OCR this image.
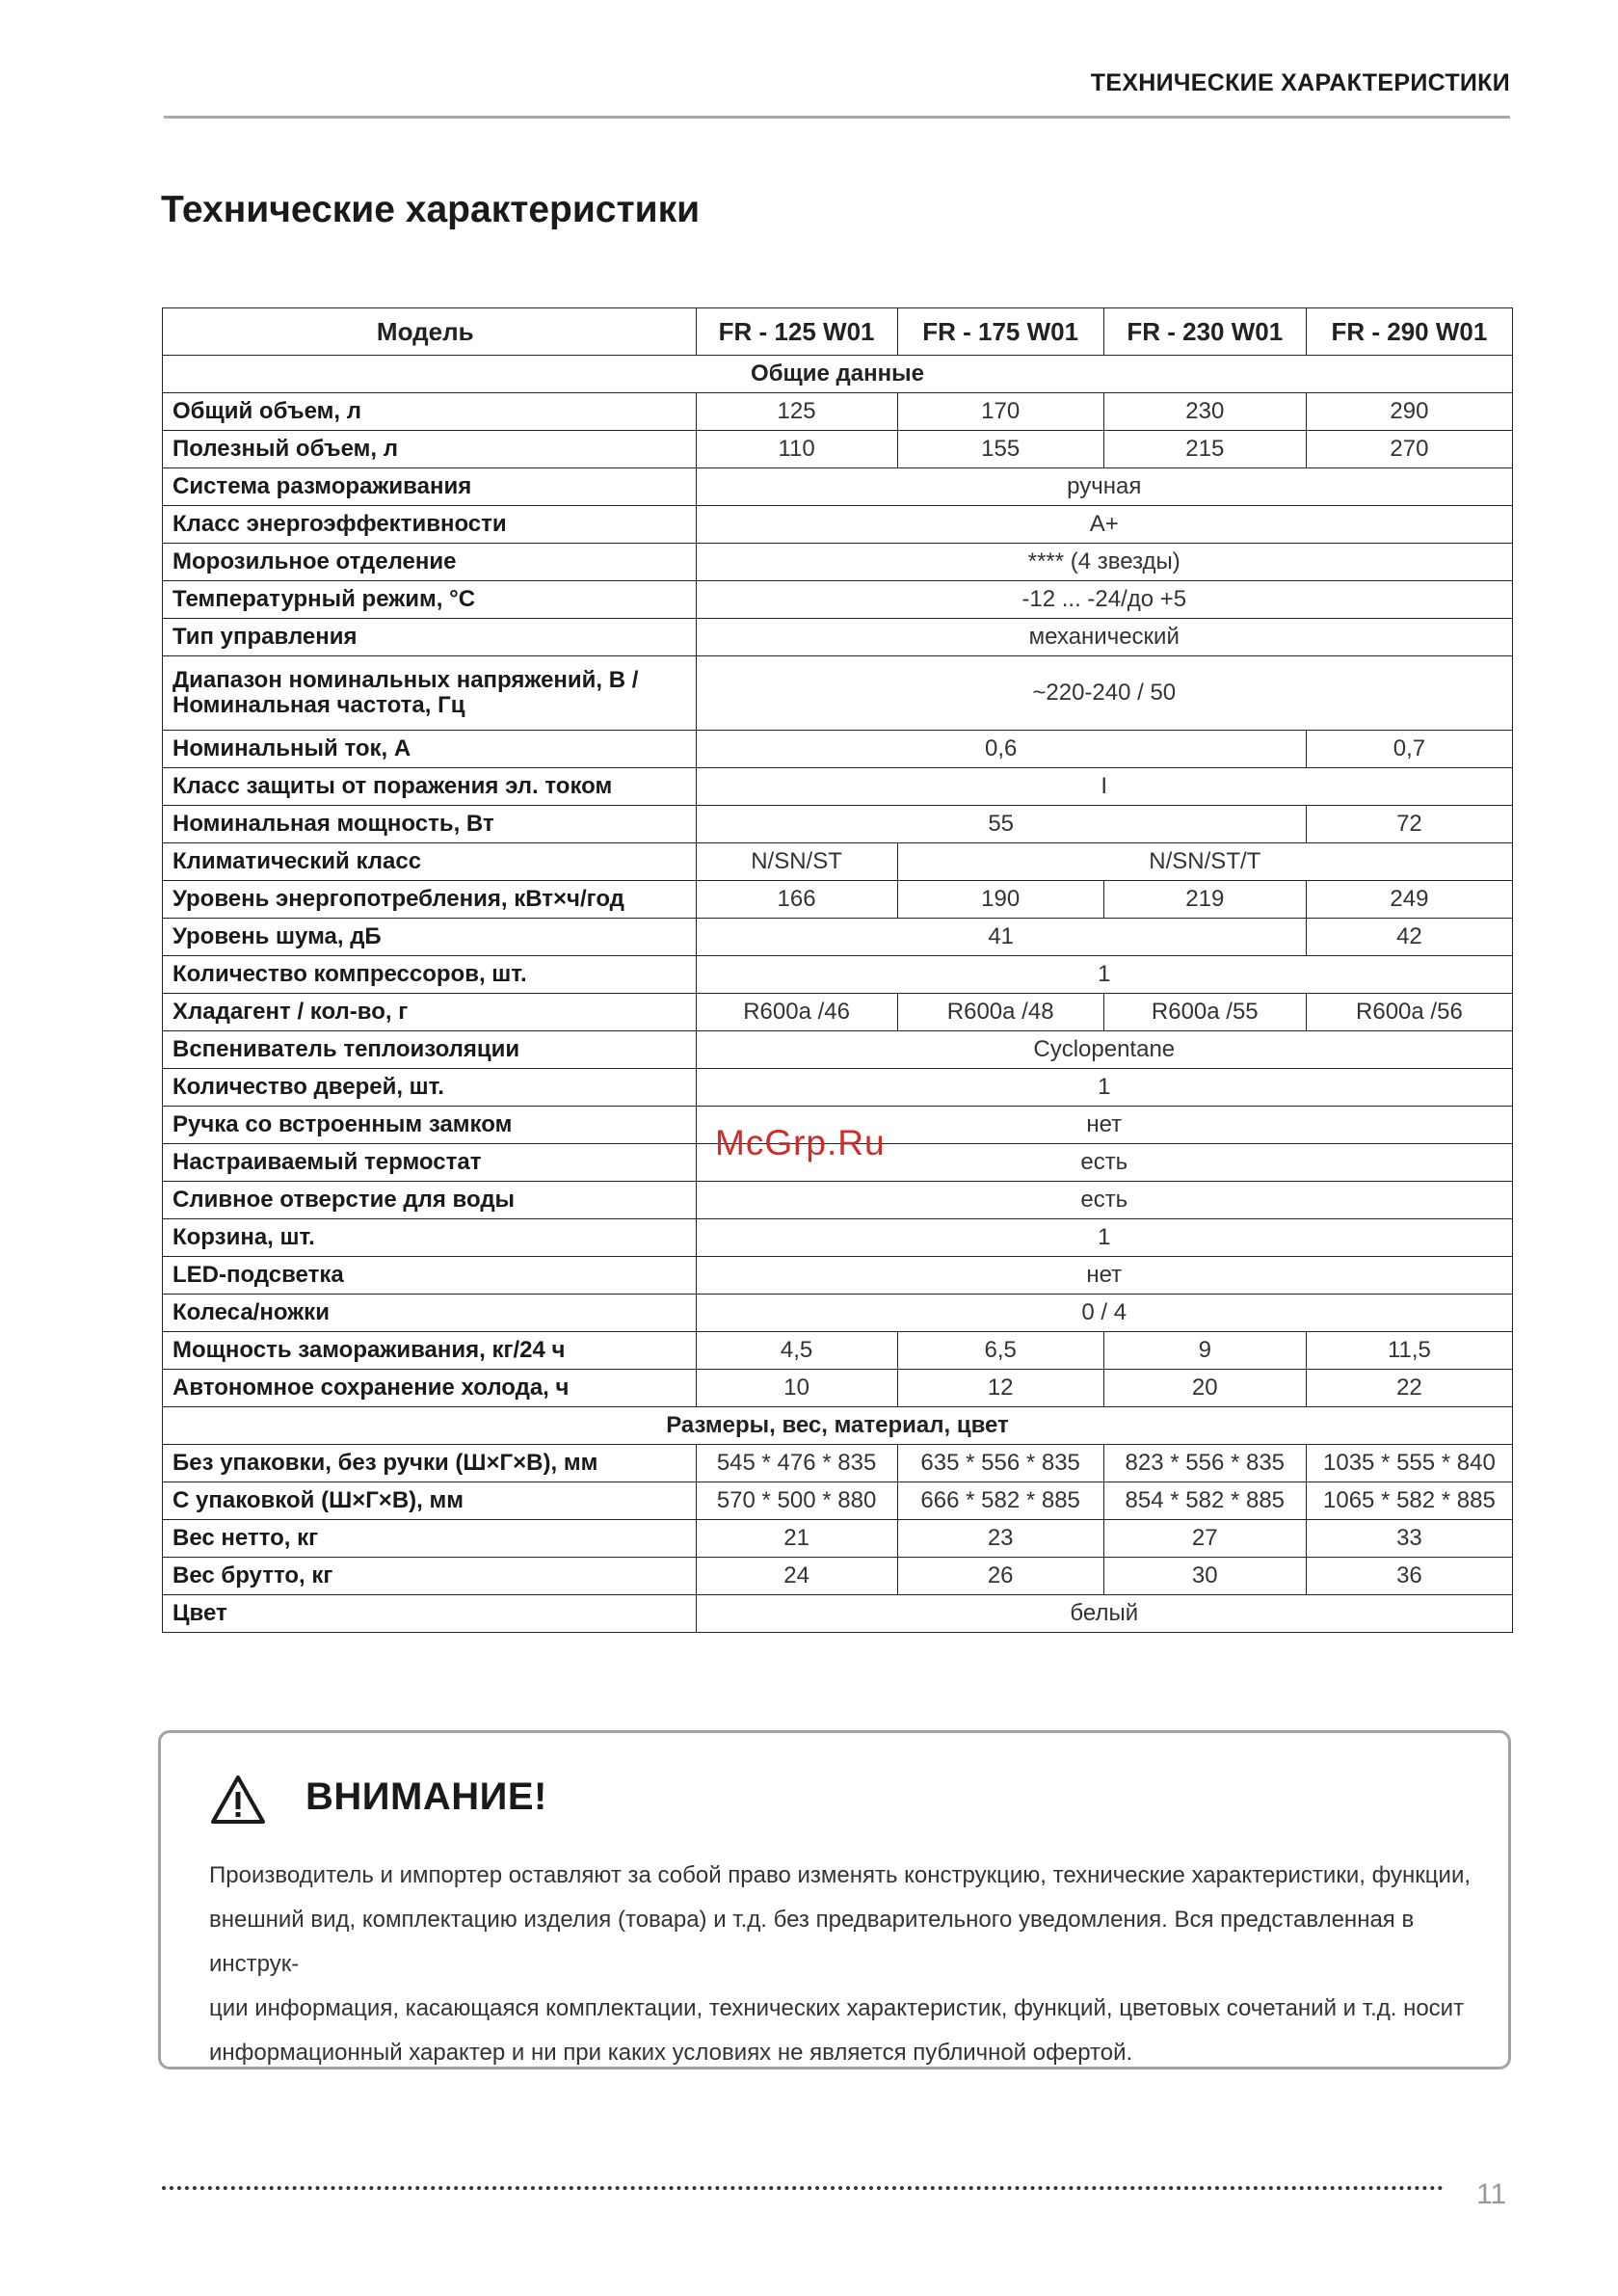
ТЕХНИЧЕСКИЕ ХАРАКТЕРИСТИКИ
Технические характеристики
Модель	FR - 125 W01	FR - 175 W01	FR - 230 W01	FR - 290 W01
Общие данные				
Общий объем, л	125	170	230	290
Полезный объем, л	110	155	215	270
Система размораживания	ручная			
Класс энергоэффективности	A+			
Морозильное отделение	**** (4 звезды)			
Температурный режим, °С	-12 ... -24/до +5			
Тип управления	механический			
Диапазон номинальных напряжений, В /
Номинальная частота, Гц	~220-240 / 50			
Номинальный ток, А	0,6			0,7
Класс защиты от поражения эл. током	I			
Номинальная мощность, Вт	55			72
Климатический класс	N/SN/ST	N/SN/ST/T		
Уровень энергопотребления, кВт×ч/год	166	190	219	249
Уровень шума, дБ	41			42
Количество компрессоров, шт.	1			
Хладагент / кол-во, г	R600a /46	R600a /48	R600a /55	R600a /56
Вспениватель теплоизоляции	Cyclopentane			
Количество дверей, шт.	1			
Ручка со встроенным замком	нет			
Настраиваемый термостат	есть			
Сливное отверстие для воды	есть			
Корзина, шт.	1			
LED-подсветка	нет			
Колеса/ножки	0 / 4			
Мощность замораживания, кг/24 ч	4,5	6,5	9	11,5
Автономное сохранение холода, ч	10	12	20	22
Размеры, вес, материал, цвет				
Без упаковки, без ручки (Ш×Г×В), мм	545 * 476 * 835	635 * 556 * 835	823 * 556 * 835	1035 * 555 * 840
С упаковкой (Ш×Г×В), мм	570 * 500 * 880	666 * 582 * 885	854 * 582 * 885	1065 * 582 * 885
Вес нетто, кг	21	23	27	33
Вес брутто, кг	24	26	30	36
Цвет	белый			
McGrp.Ru
ВНИМАНИЕ!

Производитель и импортер оставляют за собой право изменять конструкцию, технические характеристики, функции,
внешний вид, комплектацию изделия (товара) и т.д. без предварительного уведомления. Вся представленная в инструк-
ции информация, касающаяся комплектации, технических характеристик, функций, цветовых сочетаний и т.д. носит
информационный характер и ни при каких условиях не является публичной офертой.

11
